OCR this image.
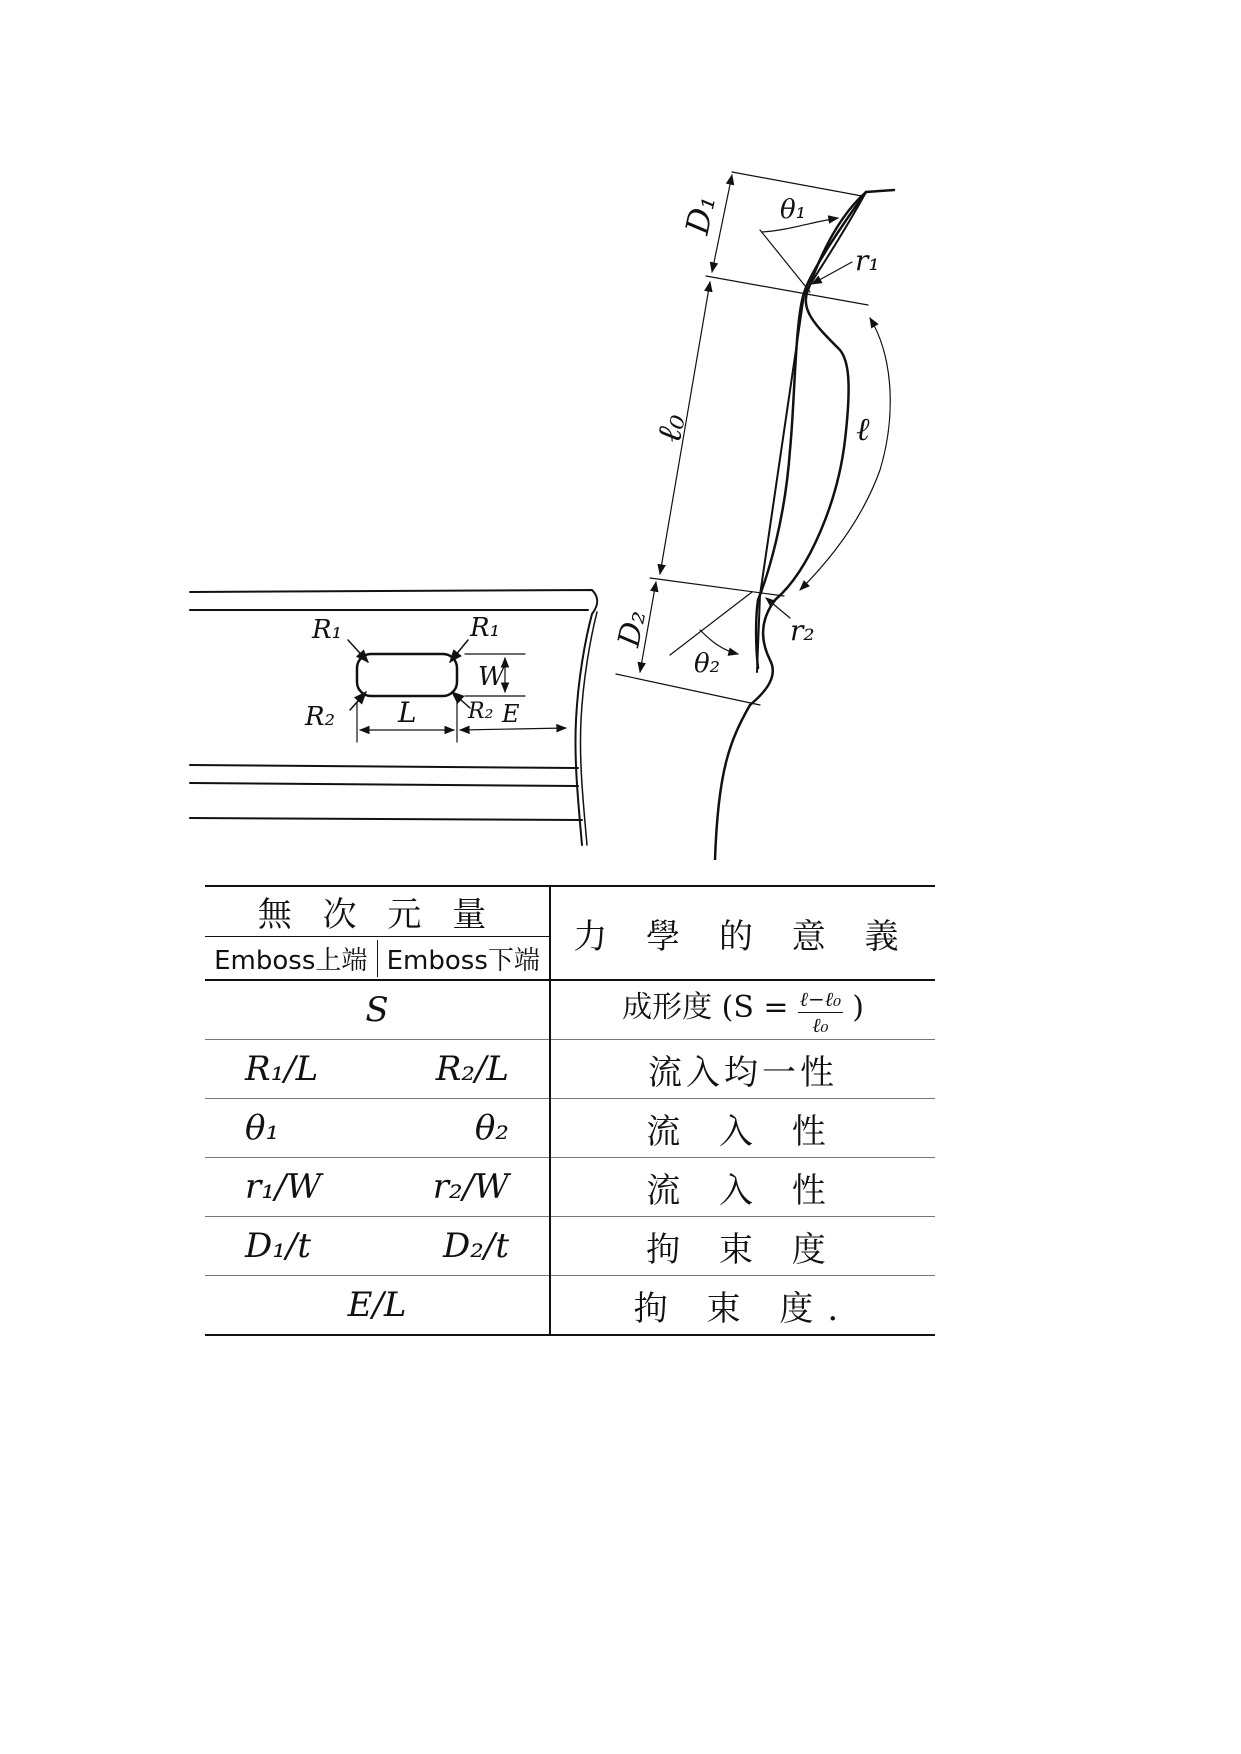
R₁	R₁
R₂	R₂
W
L	E
D₁ θ₁
r₁
ℓ₀	ℓ
D₂	r₂
θ₂
無 次 元 量	力 學 的 意 義

Emboss上端 Emboss下端	

S	成形度 (S = ℓ−ℓ₀
ℓ₀ )

R₁/L R₂/L	流入均一性

θ₁ θ₂	流 入 性

r₁/W r₂/W	流 入 性

D₁/t D₂/t	拘 束 度

E/L	拘 束 度.
